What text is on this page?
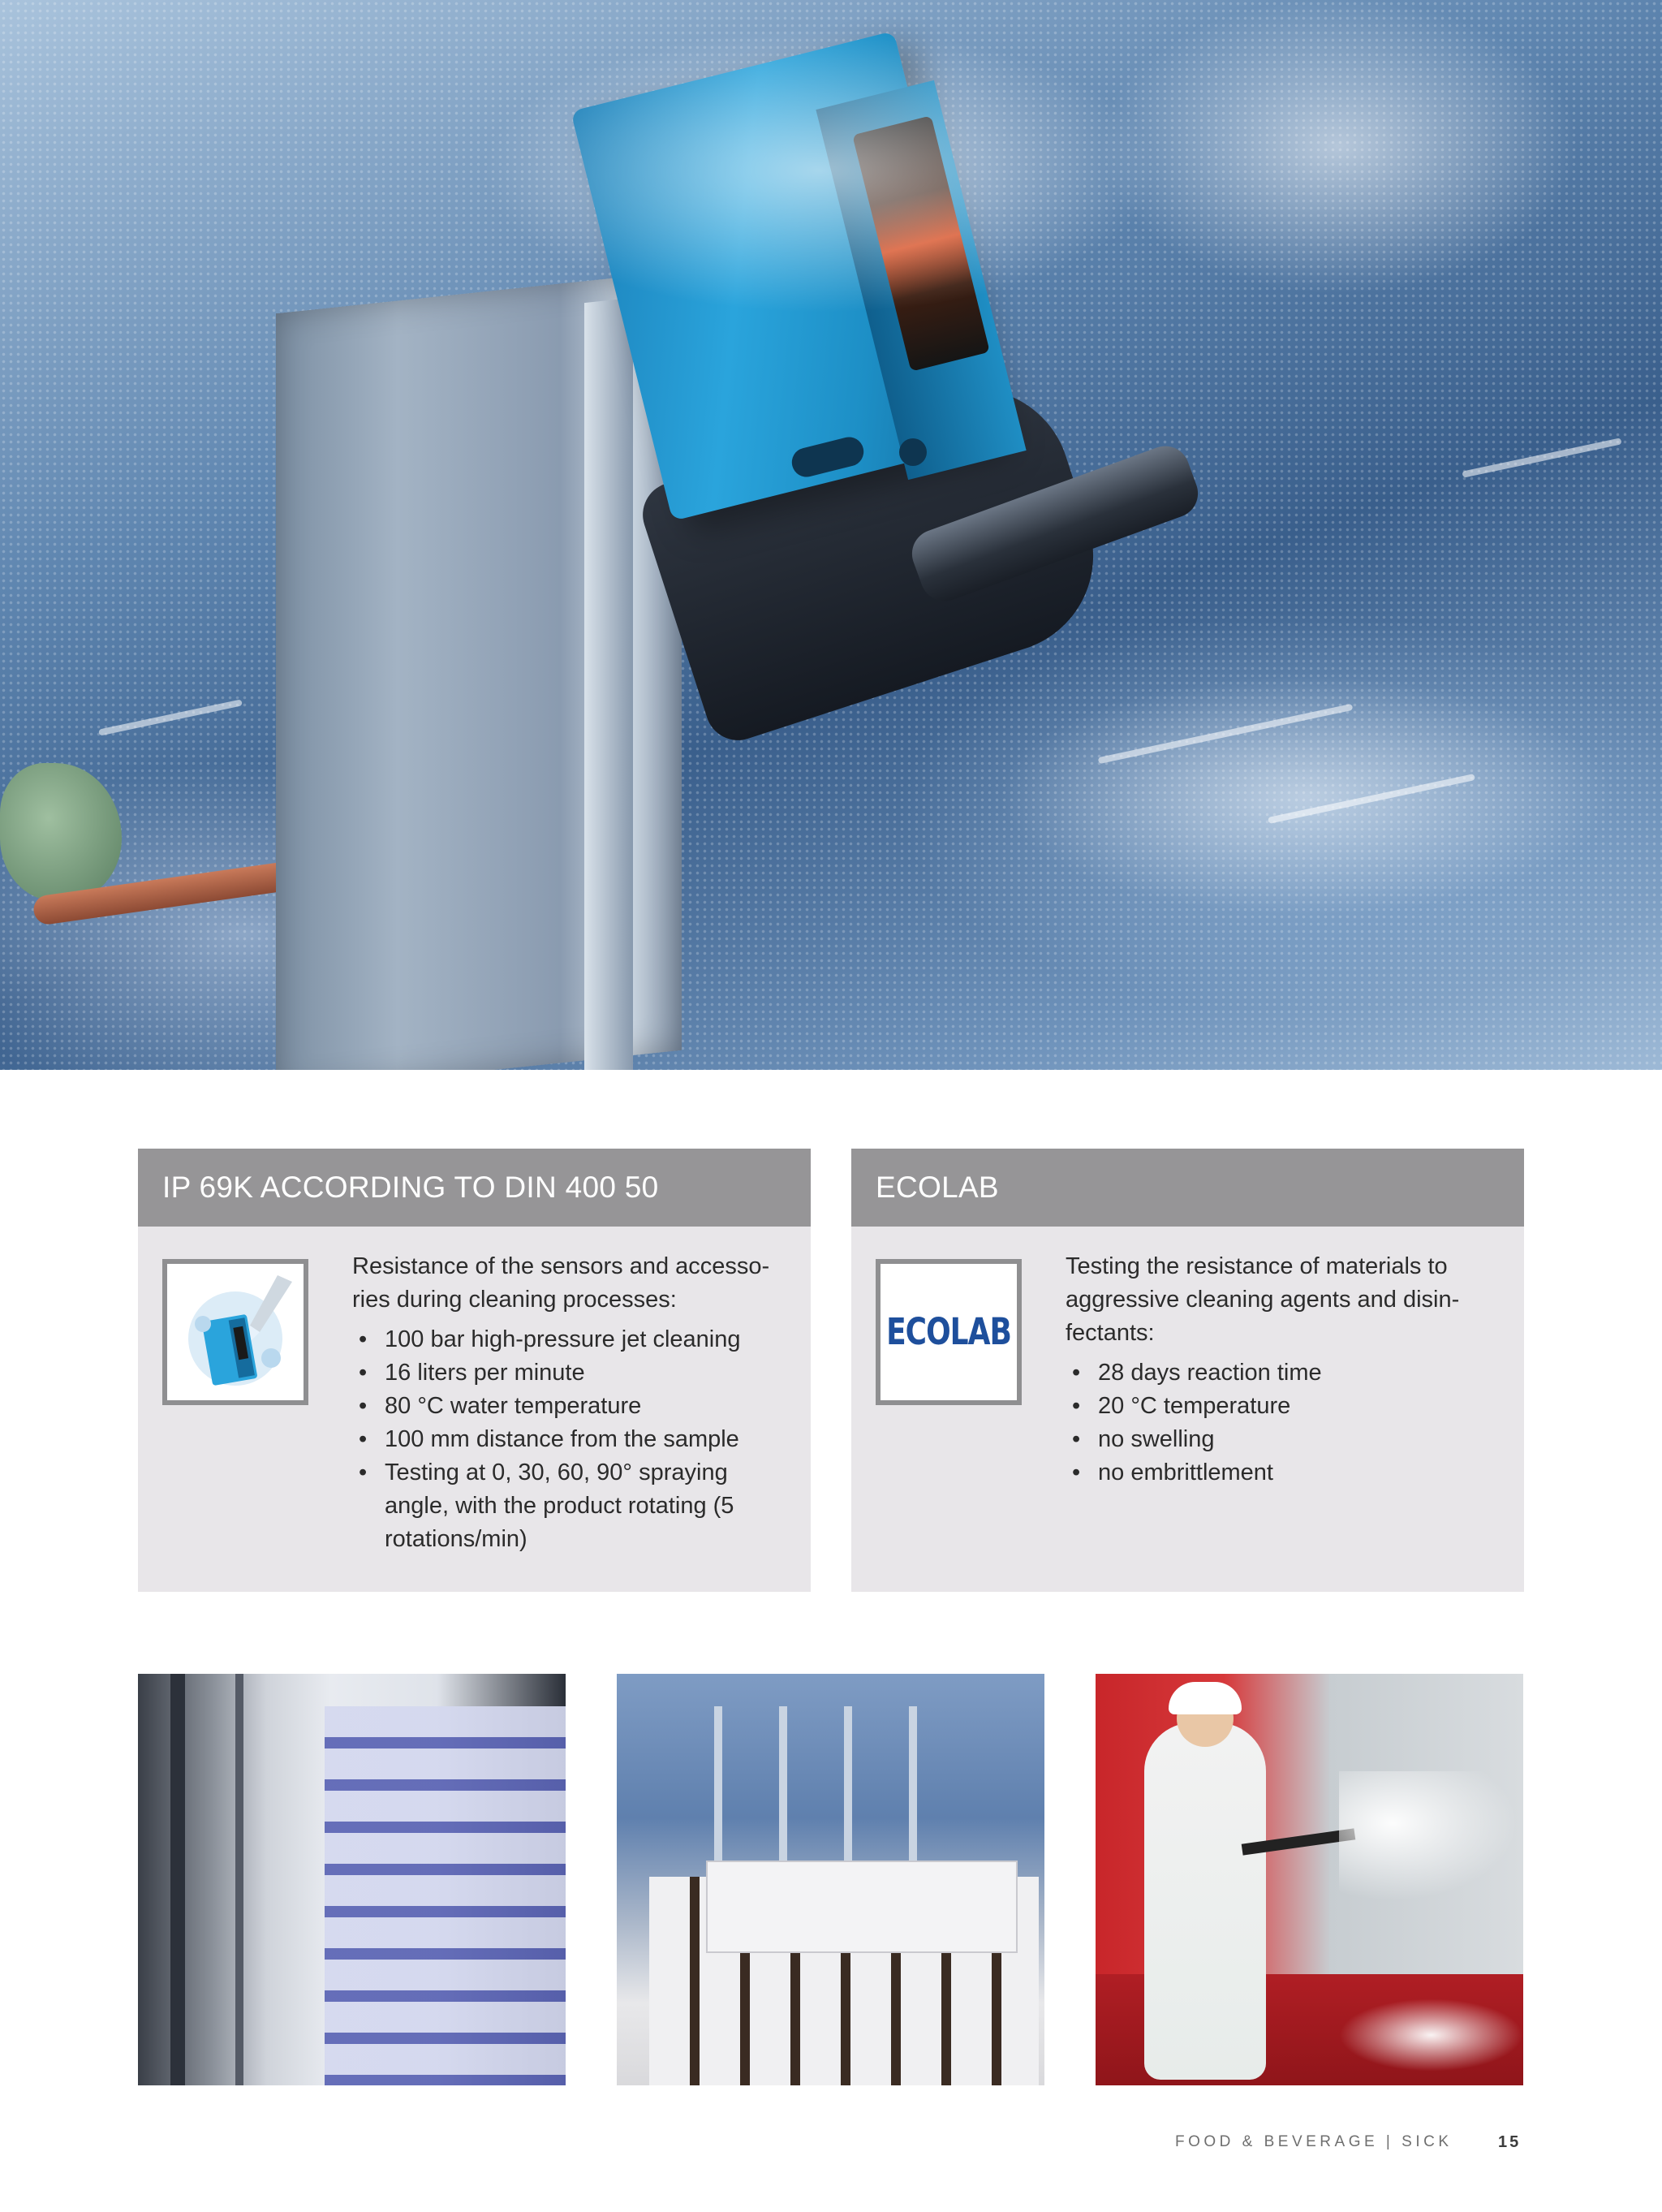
IP 69K ACCORDING TO DIN 400 50

Resistance of the sensors and accesso-ries during cleaning processes:

• 100 bar high-pressure jet cleaning
• 16 liters per minute
• 80 °C water temperature
• 100 mm distance from the sample
• Testing at 0, 30, 60, 90° spraying angle, with the product rotating (5 rotations/min)
ECOLAB
ECOLAB

Testing the resistance of materials to aggressive cleaning agents and disin-fectants:

• 28 days reaction time
• 20 °C temperature
• no swelling
• no embrittlement
FOOD & BEVERAGE | SICK	15
